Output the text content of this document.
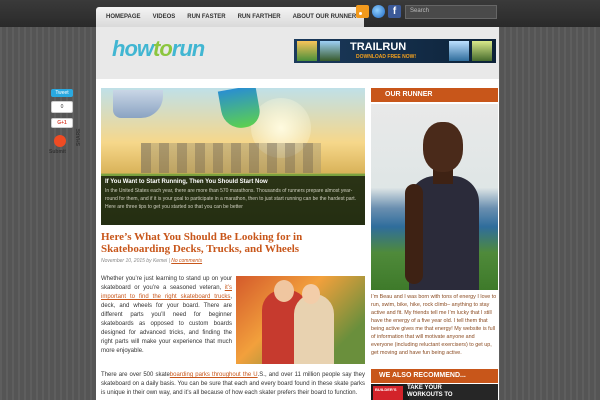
HOMEPAGE	VIDEOS	RUN FASTER	RUN FARTHER	ABOUT OUR RUNNER	f	Search
howtorun	TRAILRUN
DOWNLOAD FREE NOW!
Tweet
0
G+1
Submit
SHARE
If You Want to Start Running, Then You Should Start Now
In the United States each year, there are more than 570 marathons. Thousands of runners prepare almost year-round for them, and if it is your goal to participate in a marathon, then to just start running can be the hardest part. Here are three tips to get you started so that you can be better
Here’s What You Should Be Looking for in Skateboarding Decks, Trucks, and Wheels
November 10, 2015 by Kemei | No comments
Whether you’re just learning to stand up on your skateboard or you’re a seasoned veteran, it’s important to find the right skateboard trucks, deck, and wheels for your board. There are different parts you’ll need for beginner skateboards as opposed to custom boards designed for advanced tricks, and finding the right parts will make your experience that much more enjoyable.
There are over 500 skateboarding parks throughout the U.S., and over 11 million people say they skateboard on a daily basis. You can be sure that each and every board found in these skate parks is unique in their own way, and it’s all because of how each skater prefers their board to function.
OUR RUNNER
I’m Beau and I was born with tons of energy I love to run, swim, bike, hike, rock climb– anything to stay active and fit. My friends tell me I’m lucky that I still have the energy of a five year old. I tell them that being active gives me that energy! My website is full of information that will motivate anyone and everyone (including reluctant exercisers) to get up, get moving and have fun being active.
WE ALSO RECOMMEND...
BUILDER’S	TAKE YOUR
WORKOUTS TO
